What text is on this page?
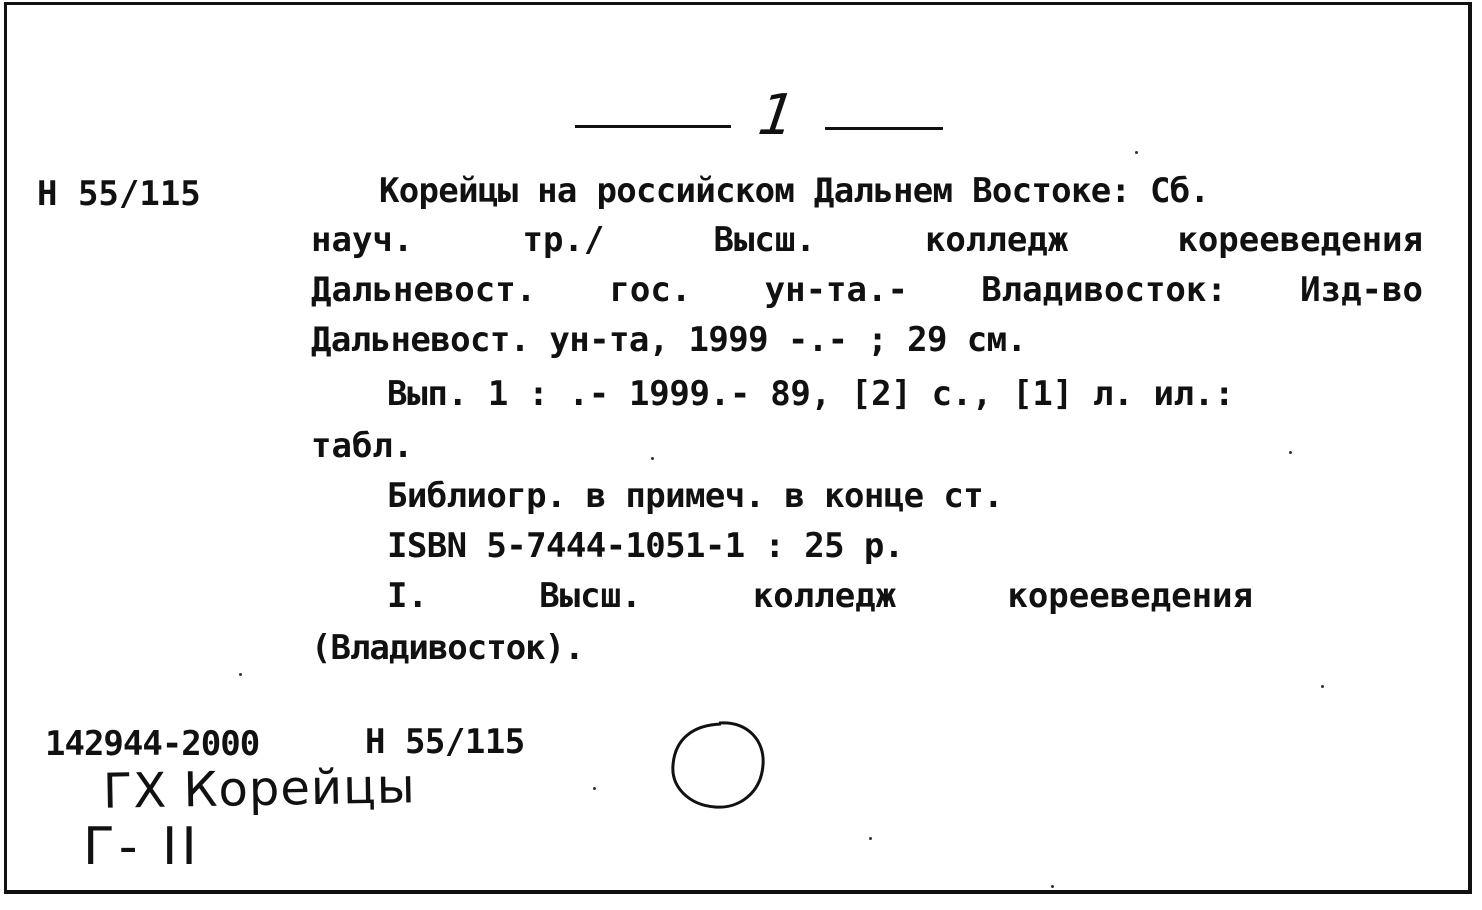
1
Н 55/115	Корейцы на российском Дальнем Востоке: Сб.
науч.	тр./	Высш.	колледж	корееведения
Дальневост. гос. ун-та.- Владивосток: Изд-во
Дальневост. ун-та, 1999 -.- ; 29 см.
Вып. 1 : .- 1999.- 89, [2] с., [1] л. ил.:
табл.
Библиогр. в примеч. в конце ст.
ISBN 5-7444-1051-1 : 25 р.
I.	Высш.	колледж	корееведения
(Владивосток).
142944-2000	Н 55/115
ГХ Корейцы
Г- II
